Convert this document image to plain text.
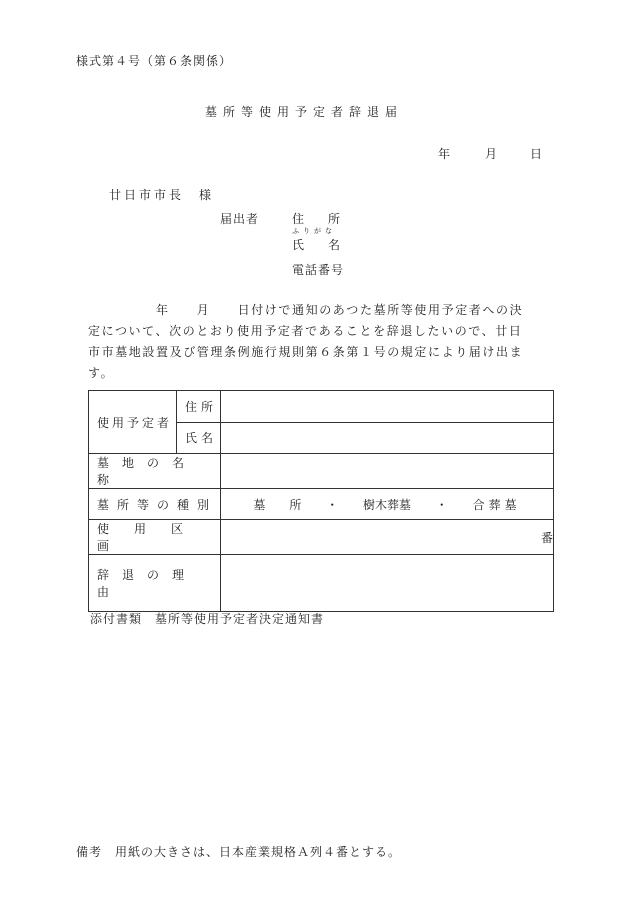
様式第４号（第６条関係）
墓所等使用予定者辞退届
年	月	日
廿日市市長　様
届出者	住　　所
ふりがな
氏　　名
電話番号
　　　　　年　　月　　日付けで通知のあつた墓所等使用予定者への決
定について、次のとおり使用予定者であることを辞退したいので、廿日
市市墓地設置及び管理条例施行規則第６条第１号の規定により届け出ま
す。
使用予定者	住所	
	氏名	
墓地の名称		
墓所等の種別		墓　　所 ・ 樹木葬墓 ・ 合葬墓

使用区画		番
辞退の理由		
添付書類　墓所等使用予定者決定通知書
備考　用紙の大きさは、日本産業規格Ａ列４番とする。
